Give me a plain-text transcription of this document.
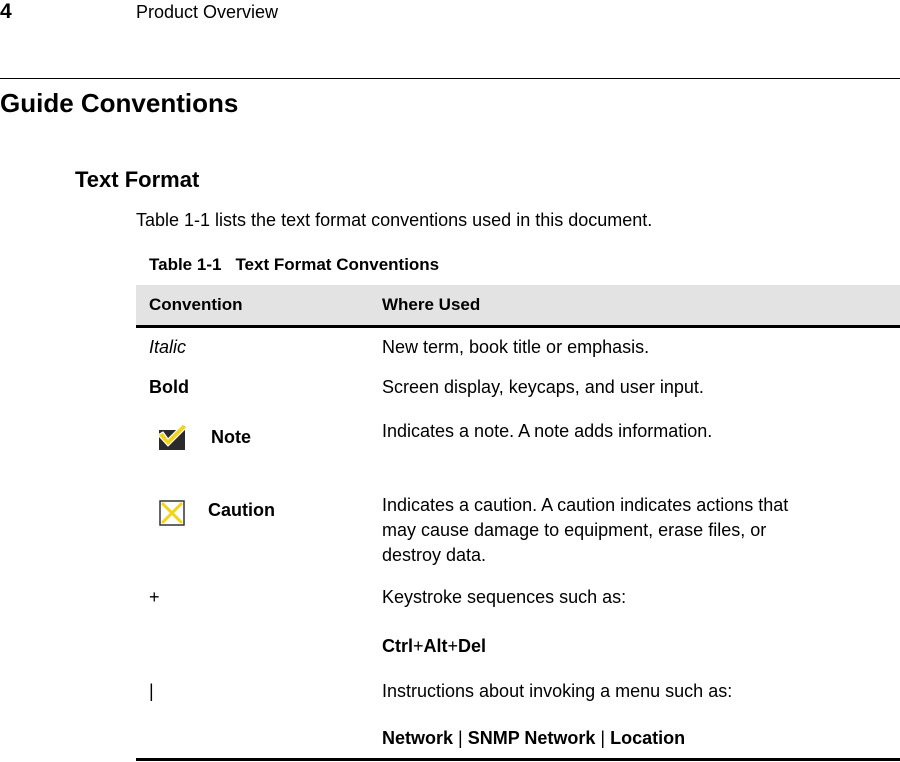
4	Product Overview
Guide Conventions
Text Format
Table 1-1 lists the text format conventions used in this document.
Table 1-1 Text Format Conventions
Convention	Where Used
Italic	New term, book title or emphasis.
Bold	Screen display, keycaps, and user input.
Note	Indicates a note. A note adds information.
Caution	Indicates a caution. A caution indicates actions that
may cause damage to equipment, erase files, or
destroy data.
+	Keystroke sequences such as:
Ctrl+Alt+Del
|	Instructions about invoking a menu such as:
Network | SNMP Network | Location
